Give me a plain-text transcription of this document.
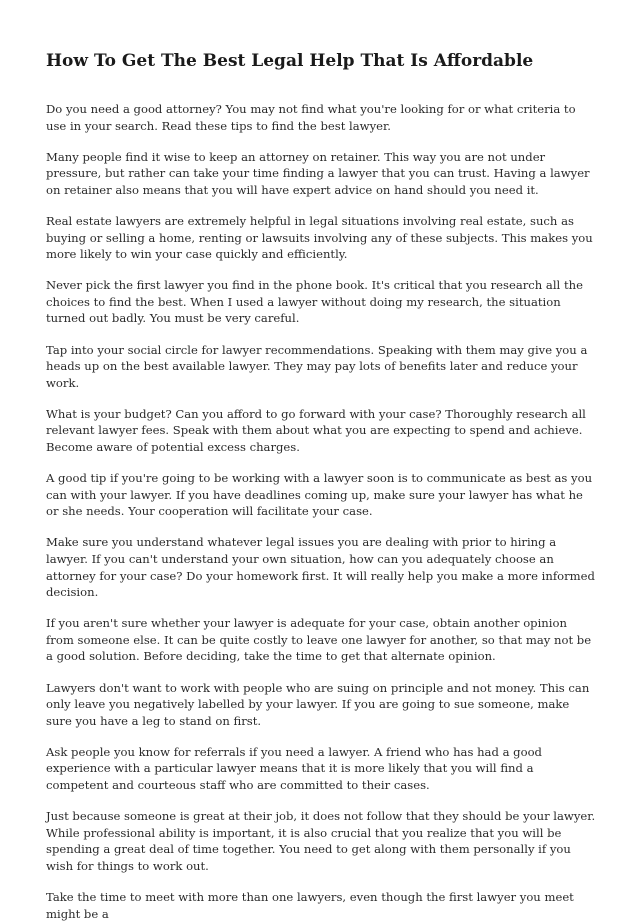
How To Get The Best Legal Help That Is Affordable

Do you need a good attorney? You may not find what you're looking for or what criteria to use in your search. Read these tips to find the best lawyer.

Many people find it wise to keep an attorney on retainer. This way you are not under pressure, but rather can take your time finding a lawyer that you can trust. Having a lawyer on retainer also means that you will have expert advice on hand should you need it.

Real estate lawyers are extremely helpful in legal situations involving real estate, such as buying or selling a home, renting or lawsuits involving any of these subjects. This makes you more likely to win your case quickly and efficiently.

Never pick the first lawyer you find in the phone book. It's critical that you research all the choices to find the best. When I used a lawyer without doing my research, the situation turned out badly. You must be very careful.

Tap into your social circle for lawyer recommendations. Speaking with them may give you a heads up on the best available lawyer. They may pay lots of benefits later and reduce your work.

What is your budget? Can you afford to go forward with your case? Thoroughly research all relevant lawyer fees. Speak with them about what you are expecting to spend and achieve. Become aware of potential excess charges.

A good tip if you're going to be working with a lawyer soon is to communicate as best as you can with your lawyer. If you have deadlines coming up, make sure your lawyer has what he or she needs. Your cooperation will facilitate your case.

Make sure you understand whatever legal issues you are dealing with prior to hiring a lawyer. If you can't understand your own situation, how can you adequately choose an attorney for your case? Do your homework first. It will really help you make a more informed decision.

If you aren't sure whether your lawyer is adequate for your case, obtain another opinion from someone else. It can be quite costly to leave one lawyer for another, so that may not be a good solution. Before deciding, take the time to get that alternate opinion.

Lawyers don't want to work with people who are suing on principle and not money. This can only leave you negatively labelled by your lawyer. If you are going to sue someone, make sure you have a leg to stand on first.

Ask people you know for referrals if you need a lawyer. A friend who has had a good experience with a particular lawyer means that it is more likely that you will find a competent and courteous staff who are committed to their cases.

Just because someone is great at their job, it does not follow that they should be your lawyer. While professional ability is important, it is also crucial that you realize that you will be spending a great deal of time together. You need to get along with them personally if you wish for things to work out.

Take the time to meet with more than one lawyers, even though the first lawyer you meet might be a
